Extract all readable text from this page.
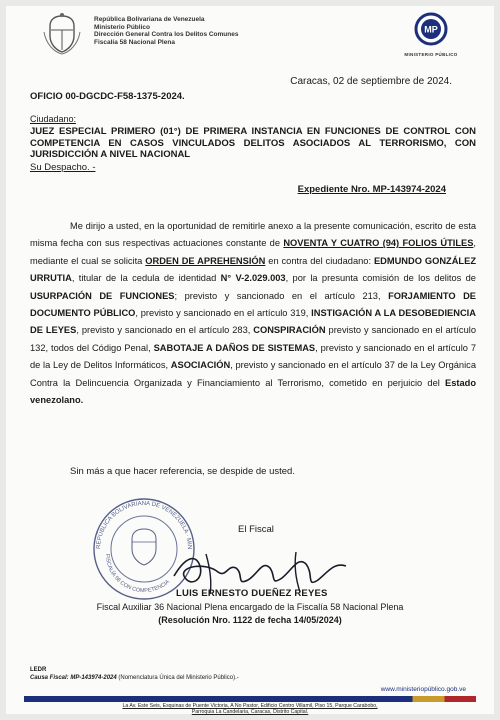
República Bolivariana de Venezuela
Ministerio Público
Dirección General Contra los Delitos Comunes
Fiscalía 58 Nacional Plena
MP
MINISTERIO PÚBLICO
Caracas, 02 de septiembre de 2024.
OFICIO 00-DGCDC-F58-1375-2024.
Ciudadano:
JUEZ ESPECIAL PRIMERO (01°) DE PRIMERA INSTANCIA EN FUNCIONES DE CONTROL CON COMPETENCIA EN CASOS VINCULADOS DELITOS ASOCIADOS AL TERRORISMO, CON JURISDICCIÓN A NIVEL NACIONAL
Su Despacho. -
Expediente Nro. MP-143974-2024
Me dirijo a usted, en la oportunidad de remitirle anexo a la presente comunicación, escrito de esta misma fecha con sus respectivas actuaciones constante de NOVENTA Y CUATRO (94) FOLIOS ÚTILES, mediante el cual se solicita ORDEN DE APREHENSIÓN en contra del ciudadano: EDMUNDO GONZÁLEZ URRUTIA, titular de la cedula de identidad N° V-2.029.003, por la presunta comisión de los delitos de USURPACIÓN DE FUNCIONES; previsto y sancionado en el artículo 213, FORJAMIENTO DE DOCUMENTO PÚBLICO, previsto y sancionado en el artículo 319, INSTIGACIÓN A LA DESOBEDIENCIA DE LEYES, previsto y sancionado en el artículo 283, CONSPIRACIÓN previsto y sancionado en el artículo 132, todos del Código Penal, SABOTAJE A DAÑOS DE SISTEMAS, previsto y sancionado en el artículo 7 de la Ley de Delitos Informáticos, ASOCIACIÓN, previsto y sancionado en el artículo 37 de la Ley Orgánica Contra la Delincuencia Organizada y Financiamiento al Terrorismo, cometido en perjuicio del Estado venezolano.
Sin más a que hacer referencia, se despide de usted.
REPÚBLICA BOLIVARIANA DE VENEZUELA · MIN
FISCALÍA 58 CON COMPETENCIA
El Fiscal
LUIS ERNESTO DUEÑEZ REYES
Fiscal Auxiliar 36 Nacional Plena encargado de la Fiscalía 58 Nacional Plena
(Resolución Nro. 1122 de fecha 14/05/2024)
LEDR
Causa Fiscal: MP-143974-2024 (Nomenclatura Única del Ministerio Público).-
www.ministeriopúblico.gob.ve
La Av. Este Seis, Esquinas de Puente Victoria, A No Pastor, Edificio Centro Villamil, Piso 15, Parque Carabobo,
Parroquia La Candelaria, Caracas, Distrito Capital.
